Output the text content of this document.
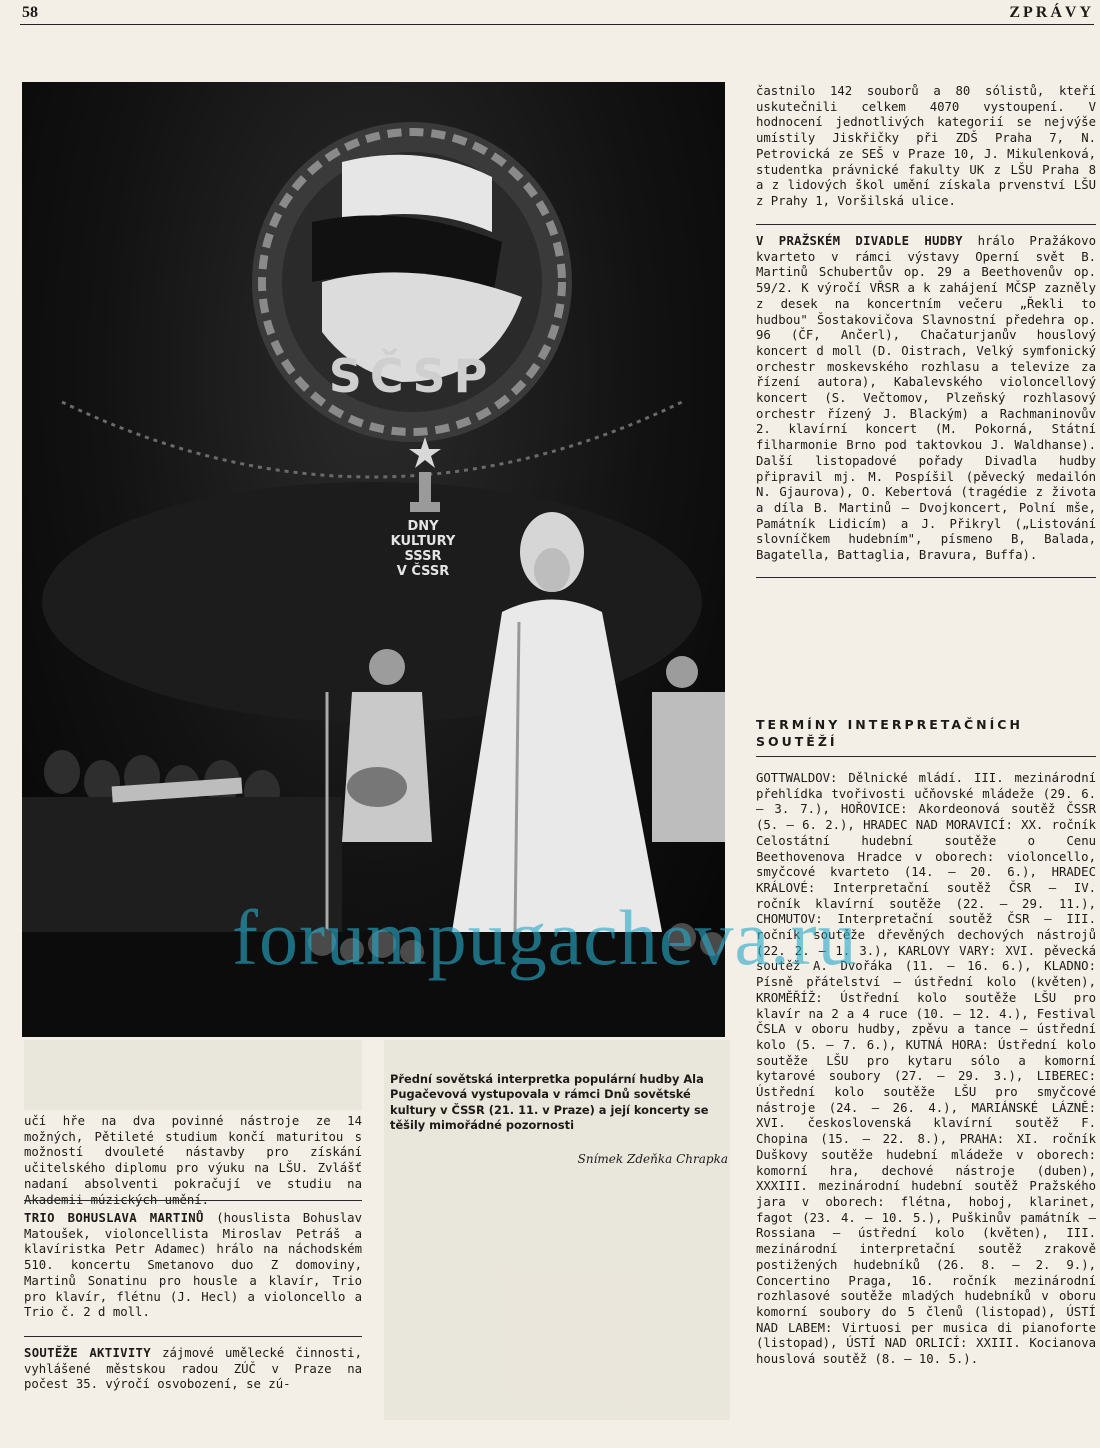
58	ZPRÁVY
SČSP
DNY
KULTURY
SSSR
V ČSSR

častnilo 142 souborů a 80 sólistů, kteří uskutečnili celkem 4070 vystoupení. V hodnocení jednotlivých kategorií se nejvýše umístily Jiskřičky při ZDŠ Praha 7, N. Petrovická ze SEŠ v Praze 10, J. Mikulenková, studentka právnické fakulty UK z LŠU Praha 8 a z lidových škol umění získala prvenství LŠU z Prahy 1, Voršilská ulice.

V PRAŽSKÉM DIVADLE HUDBY hrálo Pražákovo kvarteto v rámci výstavy Operní svět B. Martinů Schubertův op. 29 a Beethovenův op. 59/2. K výročí VŘSR a k zahájení MČSP zazněly z desek na koncertním večeru „Řekli to hudbou" Šostakovičova Slavnostní předehra op. 96 (ČF, Ančerl), Chačaturjanův houslový koncert d moll (D. Oistrach, Velký symfonický orchestr moskevského rozhlasu a televize za řízení autora), Kabalevského violoncellový koncert (S. Večtomov, Plzeňský rozhlasový orchestr řízený J. Blackým) a Rachmaninovův 2. klavírní koncert (M. Pokorná, Státní filharmonie Brno pod taktovkou J. Waldhanse). Další listopadové pořady Divadla hudby připravil mj. M. Pospíšil (pěvecký medailón N. Gjaurova), O. Kebertová (tragédie z života a díla B. Martinů — Dvojkoncert, Polní mše, Památník Lidicím) a J. Přikryl („Listování slovníčkem hudebním", písmeno B, Balada, Bagatella, Battaglia, Bravura, Buffa).

TERMÍNY INTERPRETAČNÍCH SOUTĚŽÍ

GOTTWALDOV: Dělnické mládí. III. mezinárodní přehlídka tvořivosti učňovské mládeže (29. 6. — 3. 7.), HOŘOVICE: Akordeonová soutěž ČSSR (5. — 6. 2.), HRADEC NAD MORAVICÍ: XX. ročník Celostátní hudební soutěže o Cenu Beethovenova Hradce v oborech: violoncello, smyčcové kvarteto (14. — 20. 6.), HRADEC KRÁLOVÉ: Interpretační soutěž ČSR — IV. ročník klavírní soutěže (22. — 29. 11.), CHOMUTOV: Interpretační soutěž ČSR — III. ročník soutěže dřevěných dechových nástrojů (22. 2. — 1. 3.), KARLOVY VARY: XVI. pěvecká soutěž A. Dvořáka (11. — 16. 6.), KLADNO: Písně přátelství — ústřední kolo (květen), KROMĚŘÍŽ: Ústřední kolo soutěže LŠU pro klavír na 2 a 4 ruce (10. — 12. 4.), Festival ČSLA v oboru hudby, zpěvu a tance — ústřední kolo (5. — 7. 6.), KUTNÁ HORA: Ústřední kolo soutěže LŠU pro kytaru sólo a komorní kytarové soubory (27. — 29. 3.), LIBEREC: Ústřední kolo soutěže LŠU pro smyčcové nástroje (24. — 26. 4.), MARIÁNSKÉ LÁZNĚ: XVI. československá klavírní soutěž F. Chopina (15. — 22. 8.), PRAHA: XI. ročník Duškovy soutěže hudební mládeže v oborech: komorní hra, dechové nástroje (duben), XXXIII. mezinárodní hudební soutěž Pražského jara v oborech: flétna, hoboj, klarinet, fagot (23. 4. — 10. 5.), Puškinův památník — Rossiana — ústřední kolo (květen), III. mezinárodní interpretační soutěž zrakově postižených hudebníků (26. 8. — 2. 9.), Concertino Praga, 16. ročník mezinárodní rozhlasové soutěže mladých hudebníků v oboru komorní soubory do 5 členů (listopad), ÚSTÍ NAD LABEM: Virtuosi per musica di pianoforte (listopad), ÚSTÍ NAD ORLICÍ: XXIII. Kocianova houslová soutěž (8. — 10. 5.).

učí hře na dva povinné nástroje ze 14 možných, Pětileté studium končí maturitou s možností dvouleté nástavby pro získání učitelského diplomu pro výuku na LŠU. Zvlášť nadaní absolventi pokračují ve studiu na Akademii múzických umění.

TRIO BOHUSLAVA MARTINŮ (houslista Bohuslav Matoušek, violoncellista Miroslav Petráš a klavíristka Petr Adamec) hrálo na náchodském 510. koncertu Smetanovo duo Z domoviny, Martinů Sonatinu pro housle a klavír, Trio pro klavír, flétnu (J. Hecl) a violoncello a Trio č. 2 d moll.

SOUTĚŽE AKTIVITY zájmové umělecké činnosti, vyhlášené městskou radou ZÚČ v Praze na počest 35. výročí osvobození, se zú-

Přední sovětská interpretka populární hudby Ala Pugačevová vystupovala v rámci Dnů sovětské kultury v ČSSR (21. 11. v Praze) a její koncerty se těšily mimořádné pozornosti
Snímek Zdeňka Chrapka
forumpugacheva.ru
